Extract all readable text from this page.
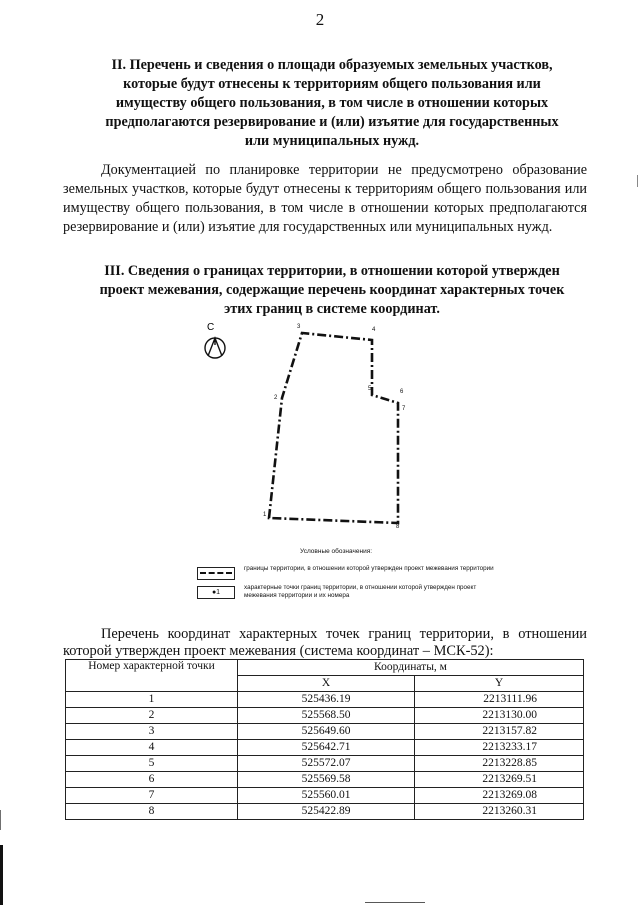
2
II. Перечень и сведения о площади образуемых земельных участков,
которые будут отнесены к территориям общего пользования или
имуществу общего пользования, в том числе в отношении которых
предполагаются резервирование и (или) изъятие для государственных
или муниципальных нужд.
Документацией по планировке территории не предусмотрено образование земельных участков, которые будут отнесены к территориям общего пользования или имуществу общего пользования, в том числе в отношении которых предполагаются резервирование и (или) изъятие для государственных или муниципальных нужд.
III. Сведения о границах территории, в отношении которой утвержден
проект межевания, содержащие перечень координат характерных точек
этих границ в системе координат.
С
1
2
3	4
5	6
7
8
Условные обозначения:
границы территории, в отношении которой утвержден проект межевания территории
●1
характерные точки границ территории, в отношении которой утвержден проект межевания территории и их номера
Перечень координат характерных точек границ территории, в отношении которой утвержден проект межевания (система координат – МСК-52):
Номер характерной точки	Координаты, м	
	X	Y
1	525436.19	2213111.96
2	525568.50	2213130.00
3	525649.60	2213157.82
4	525642.71	2213233.17
5	525572.07	2213228.85
6	525569.58	2213269.51
7	525560.01	2213269.08
8	525422.89	2213260.31
